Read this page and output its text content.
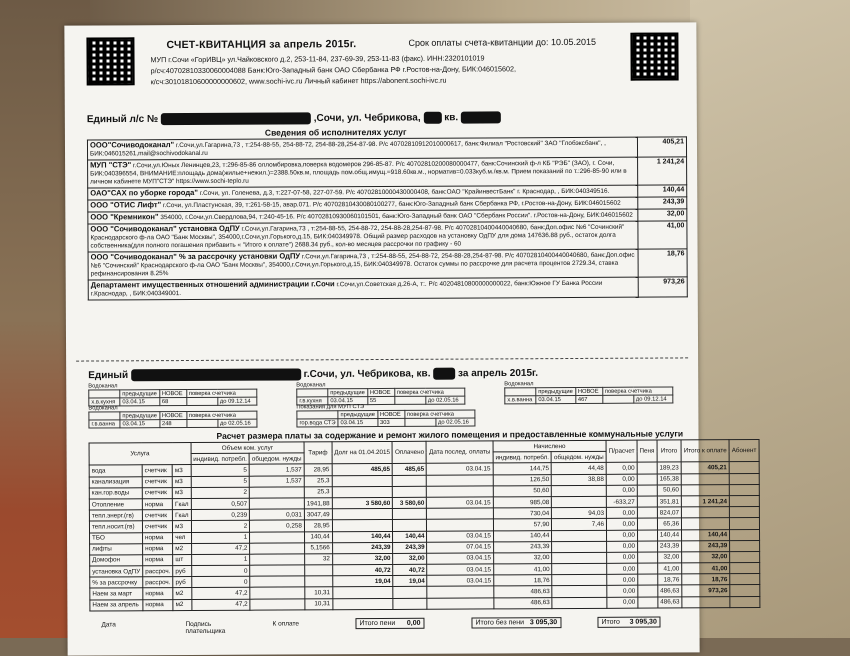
СЧЕТ-КВИТАНЦИЯ за апрель 2015г.	Срок оплаты счета-квитанции до: 10.05.2015
МУП г.Сочи «ГорИВЦ» ул.Чайковского д.2, 253-11-84, 237-69-39, 253-11-83 (факс). ИНН:2320101019
р/сч:40702810330060004088 Банк:Юго-Западный банк ОАО Сбербанка РФ г.Ростов-на-Дону, БИК:046015602,
к/сч:30101810600000000602, www.sochi-ivc.ru Личный кабинет https://abonent.sochi-ivc.ru
Единый л/с №	,Сочи, ул. Чебрикова, кв.
Сведения об исполнителях услуг
ООО"Сочиводоканал" г.Сочи,ул.Гагарина,73 , т:254-88-55, 254-88-72, 254-88-28,254-87-98. Р/с 40702810912010000617, банк:Филиал "Ростовский" ЗАО "Глобэксбанк", , БИК:046015261,mail@sochivodokanal.ru	405,21
МУП "СТЭ" г.Сочи,ул.Юных Ленинцев,23, т:296-85-86 олломбировка,поверка водомеров 296-85-87. Р/с 40702810200080000477, банк:Сочинский ф-л КБ "РЭБ" (ЗАО), г. Сочи, БИК:040396554, ВНИМАНИЕ:площадь дома(жилые+нежил.)=2388.50кв.м, площадь пом.общ.имущ.=918.60кв.м., норматив=0.033куб.м./кв.м. Прием показаний по т.:296-85-90 или в личном кабинете МУП"СТЭ" https://www.sochi-teplo.ru	1 241,24
ОАО"САХ по уборке города" г.Сочи, ул. Голенева, д.3, т:227-07-58, 227-07-59. Р/с 40702810000430000408, банк:ОАО "КрайинвестБанк" г. Краснодар, , БИК:040349516.	140,44
ООО "ОТИС Лифт" г.Сочи, ул.Пластунская, 39, т:261-58-15, авар.071. Р/с 40702810430080100277, банк:Юго-Западный банк Сбербанка РФ, г.Ростов-на-Дону, БИК:046015602	243,39
ООО "Кремникон" 354000, г.Сочи,ул.Свердлова,94, т:240-45-16. Р/с 40702810930060101501, банк:Юго-Западный банк ОАО "Сбербанк России". г.Ростов-на-Дону, БИК:046015602	32,00
ООО "Сочиводоканал" установка ОдПУ г.Сочи,ул.Гагарина,73 , т:254-88-55, 254-88-72, 254-88-28,254-87-98. Р/с 40702810400440040680, банк:Доп.офис №6 "Сочинский" Краснодарского ф-ла ОАО "Банк Москвы", 354000,г.Сочи,ул.Горького,д.15, БИК:040349978. Общий размер расходов на установку ОдПУ для дома 147636.88 руб., остаток долга собственника(для полного погашения прибавить « "Итого к оплате") 2688.34 руб., кол-во месяцев рассрочки по графику - 60	41,00
ООО "Сочиводоканал" % за рассрочку установки ОдПУ г.Сочи,ул.Гагарина,73 , т:254-88-55, 254-88-72, 254-88-28,254-87-98. Р/с 40702810400440040680, банк:Доп.офис №6 "Сочинский" Краснодарского ф-ла ОАО "Банк Москвы", 354000,г.Сочи,ул.Горького,д.15, БИК:040349978. Остаток суммы по рассрочке для расчета процентов 2729.34, ставка рефинансирования 8.25%	18,76
Департамент имущественных отношений администрации г.Сочи г.Сочи,ул.Советская д.26-А, т:. Р/с 40204810800000000022, банк:Южное ГУ Банка России г.Краснодар, , БИК:040349001.	973,26
Единый	г.Сочи, ул. Чебрикова, кв.	за апрель 2015г.
Водоканал
	предыдущие	НОВОЕ	поверка счетчика	
х.в.кухня	03.04.15	68		до 09.12.14
Водоканал
	предыдущие	НОВОЕ	поверка счетчика	
г.в.кухня	03.04.15	55		до 02.05.16
Водоканал
	предыдущие	НОВОЕ	поверка счетчика	
х.в.ванна	03.04.15	467		до 09.12.14
Водоканал
	предыдущие	НОВОЕ	поверка счетчика	
г.в.ванна	03.04.15	248		до 02.05.16
Показания для МУП СТЭ
	предыдущие	НОВОЕ	поверка счетчика	
гор.вода СТЭ	03.04.15	303		до 02.05.16
Расчет размера платы за содержание и ремонт жилого помещения и предоставленные коммунальные услуги
Услуга			Объем ком. услуг		Тариф	Долг на 01.04.2015	Оплачено	Дата послед. оплаты	Начислено		П/расчет	Пеня	Итого	Итого к оплате	Абонент
			индивид. потребл.	общедом. нужды					индивид. потребл.	общедом. нужды					
вода	счетчик	м3	5	1,537	28,95	485,65	485,65	03.04.15	144,75	44,48	0,00		189,23	405,21	
канализация	счетчик	м3	5	1,537	25,3				126,50	38,88	0,00		165,38		
кан.гор.воды	счетчик	м3	2		25,3				50,60		0,00		50,60		
Отопление	норма	Гкал	0,507		1941,88	3 580,60	3 580,60	03.04.15	985,08		-633,27		351,81	1 241,24	
тепл.энерг.(гв)	счетчик	Гкал	0,239	0,031	3047,49				730,04	94,03	0,00		824,07		
тепл.носит.(гв)	счетчик	м3	2	0,258	28,95				57,90	7,46	0,00		65,36		
ТБО	норма	чел	1		140,44	140,44	140,44	03.04.15	140,44		0,00		140,44	140,44	
лифты	норма	м2	47,2		5,1566	243,39	243,39	07.04.15	243,39		0,00		243,39	243,39	
Домофон	норма	шт	1		32	32,00	32,00	03.04.15	32,00		0,00		32,00	32,00	
установка ОдПУ	рассроч.	руб	0			40,72	40,72	03.04.15	41,00		0,00		41,00	41,00	
% за рассрочку	рассроч.	руб	0			19,04	19,04	03.04.15	18,76		0,00		18,76	18,76	
Наем за март	норма	м2	47,2		10,31				486,63		0,00		486,63	973,26	
Наем за апрель	норма	м2	47,2		10,31				486,63		0,00		486,63		
Дата	Подпись плательщика
К оплате	Итого пени 0,00	Итого без пени 3 095,30	Итого 3 095,30
